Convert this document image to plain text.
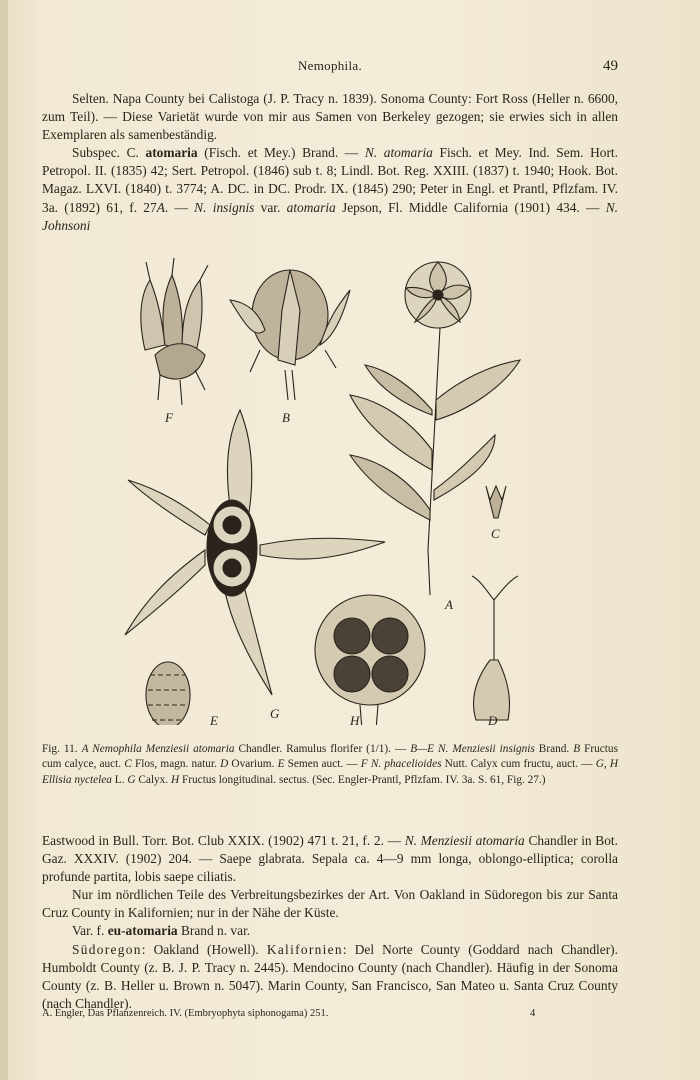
Nemophila.	49

Selten. Napa County bei Calistoga (J. P. Tracy n. 1839). Sonoma County: Fort Ross (Heller n. 6600, zum Teil). — Diese Varietät wurde von mir aus Samen von Berkeley gezogen; sie erwies sich in allen Exemplaren als samenbeständig.

Subspec. C. atomaria (Fisch. et Mey.) Brand. — N. atomaria Fisch. et Mey. Ind. Sem. Hort. Petropol. II. (1835) 42; Sert. Petropol. (1846) sub t. 8; Lindl. Bot. Reg. XXIII. (1837) t. 1940; Hook. Bot. Magaz. LXVI. (1840) t. 3774; A. DC. in DC. Prodr. IX. (1845) 290; Peter in Engl. et Prantl, Pflzfam. IV. 3a. (1892) 61, f. 27A. — N. insignis var. atomaria Jepson, Fl. Middle California (1901) 434. — N. Johnsoni

F	B
C
A
E	G	H	D

Fig. 11. A Nemophila Menziesii atomaria Chandler. Ramulus florifer (1/1). — B—E N. Menziesii insignis Brand. B Fructus cum calyce, auct. C Flos, magn. natur. D Ovarium. E Semen auct. — F N. phacelioides Nutt. Calyx cum fructu, auct. — G, H Ellisia nyctelea L. G Calyx. H Fructus longitudinal. sectus. (Sec. Engler-Prantl, Pflzfam. IV. 3a. S. 61, Fig. 27.)

Eastwood in Bull. Torr. Bot. Club XXIX. (1902) 471 t. 21, f. 2. — N. Menziesii atomaria Chandler in Bot. Gaz. XXXIV. (1902) 204. — Saepe glabrata. Sepala ca. 4—9 mm longa, oblongo-elliptica; corolla profunde partita, lobis saepe ciliatis.

Nur im nördlichen Teile des Verbreitungsbezirkes der Art. Von Oakland in Südoregon bis zur Santa Cruz County in Kalifornien; nur in der Nähe der Küste.

Var. f. eu-atomaria Brand n. var.

Südoregon: Oakland (Howell). Kalifornien: Del Norte County (Goddard nach Chandler). Humboldt County (z. B. J. P. Tracy n. 2445). Mendocino County (nach Chandler). Häufig in der Sonoma County (z. B. Heller u. Brown n. 5047). Marin County, San Francisco, San Mateo u. Santa Cruz County (nach Chandler).

A. Engler, Das Pflanzenreich. IV. (Embryophyta siphonogama) 251.	4
